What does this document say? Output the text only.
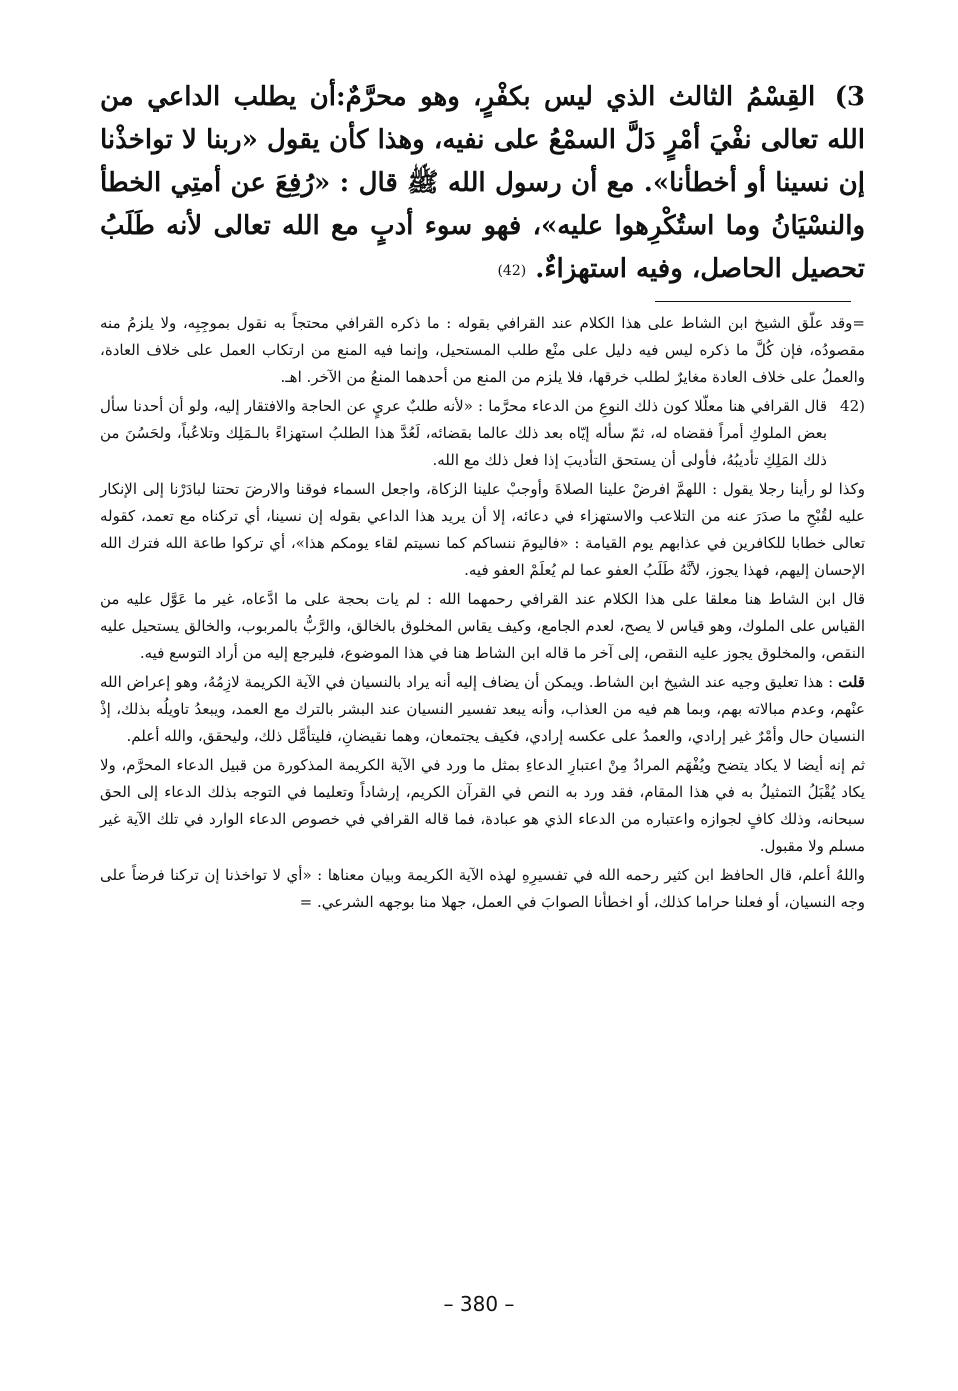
3) القِسْمُ الثالث الذي ليس بكفْرٍ، وهو محرَّمٌ:أن يطلب الداعي من الله تعالى نفْيَ أمْرٍ دَلَّ السمْعُ على نفيه، وهذا كأن يقول «ربنا لا تواخذْنا إن نسينا أو أخطأنا». مع أن رسول الله ﷺ قال : «رُفِعَ عن أمتِي الخطأ والنسْيَانُ وما استُكْرِهوا عليه»، فهو سوء أدبٍ مع الله تعالى لأنه طَلَبُ تحصيل الحاصل، وفيه استهزاءٌ. (42)

=وقد علّق الشيخ ابن الشاط على هذا الكلام عند القرافي بقوله : ما ذكره القرافي محتجاً به نقول بموجِبِه، ولا يلزمُ منه مقصودُه، فإن كُلَّ ما ذكره ليس فيه دليل على منْع طلب المستحيل، وإنما فيه المنع من ارتكاب العمل على خلاف العادة، والعملُ على خلاف العادة مغايرٌ لطلب خرقها، فلا يلزم من المنع من أحدهما المنعُ من الآخر. اهـ.

(42

قال القرافي هنا معلّلا كون ذلك النوعِ من الدعاء محرَّما : «لأنه طلبٌ عريٍ عن الحاجة والافتقار إليه، ولو أن أحدنا سأل بعض الملوكِ أمراً فقضاه له، ثمّ سأله إيّاه بعد ذلك عالما بقضائه، لَعُدَّ هذا الطلبُ استهزاءً بالـمَلِك وتلاعُباً، ولحَسُنَ من ذلك المَلِكِ تأديبُهُ، فأولى أن يستحق التأديبَ إذا فعل ذلك مع الله.

وكذا لو رأينا رجلا يقول : اللهمَّ افرضْ علينا الصلاةَ وأوجبْ علينا الزكاة، واجعل السماء فوقنا والارضَ تحتنا لبادَرْنا إلى الإنكار عليه لقُبْحِ ما صدَرَ عنه من التلاعب والاستهزاء في دعائه، إلا أن يريد هذا الداعي بقوله إن نسينا، أي تركناه مع تعمد، كقوله تعالى خطابا للكافرين في عذابهم يوم القيامة : «فاليومَ ننساكم كما نسيتم لقاء يومكم هذا»، أي تركوا طاعة الله فترك الله الإحسان إليهم، فهذا يجوز، لأنَّهُ طَلَبُ العفو عما لم يُعلَمْ العفو فيه.

قال ابن الشاط هنا معلقا على هذا الكلام عند القرافي رحمهما الله : لم يات بحجة على ما ادَّعاه، غير ما عَوَّل عليه من القياس على الملوك، وهو قياس لا يصح، لعدم الجامع، وكيف يقاس المخلوق بالخالق، والرَّبُّ بالمربوب، والخالق يستحيل عليه النقص، والمخلوق يجوز عليه النقص، إلى آخر ما قاله ابن الشاط هنا في هذا الموضوع، فليرجع إليه من أراد التوسع فيه.

قلت : هذا تعليق وجيه عند الشيخ ابن الشاط. ويمكن أن يضاف إليه أنه يراد بالنسيان في الآية الكريمة لازِمُهُ، وهو إعراض الله عنْهم، وعدم مبالاته بهم، وبما هم فيه من العذاب، وأنه يبعد تفسير النسيان عند البشر بالترك مع العمد، ويبعدُ تاويلُه بذلك، إذْ النسيان حال وأمْرٌ غير إرادي، والعمدُ على عكسه إرادي، فكيف يجتمعان، وهما نقيضانِ، فليتأمَّل ذلك، وليحقق، والله أعلم.

ثم إنه أيضا لا يكاد يتضح ويُفْهَم المرادُ مِنْ اعتبارِ الدعاءِ بمثل ما ورد في الآية الكريمة المذكورة من قبيل الدعاء المحرَّم، ولا يكاد يُقْبَلُ التمثيلُ به في هذا المقام، فقد ورد به النص في القرآن الكريم، إرشاداً وتعليما في التوجه بذلك الدعاء إلى الحق سبحانه، وذلك كافٍ لجوازه واعتباره من الدعاء الذي هو عبادة، فما قاله القرافي في خصوص الدعاء الوارد في تلك الآية غير مسلم ولا مقبول.

واللهُ أعلم، قال الحافظ ابن كثير رحمه الله في تفسيرِهِ لهذه الآية الكريمة وبيان معناها : «أي لا تواخذنا إن تركنا فرضاً على وجه النسيان، أو فعلنا حراما كذلك، أو اخطأنا الصوابَ في العمل، جهلا منا بوجهه الشرعي. =

– 380 –
